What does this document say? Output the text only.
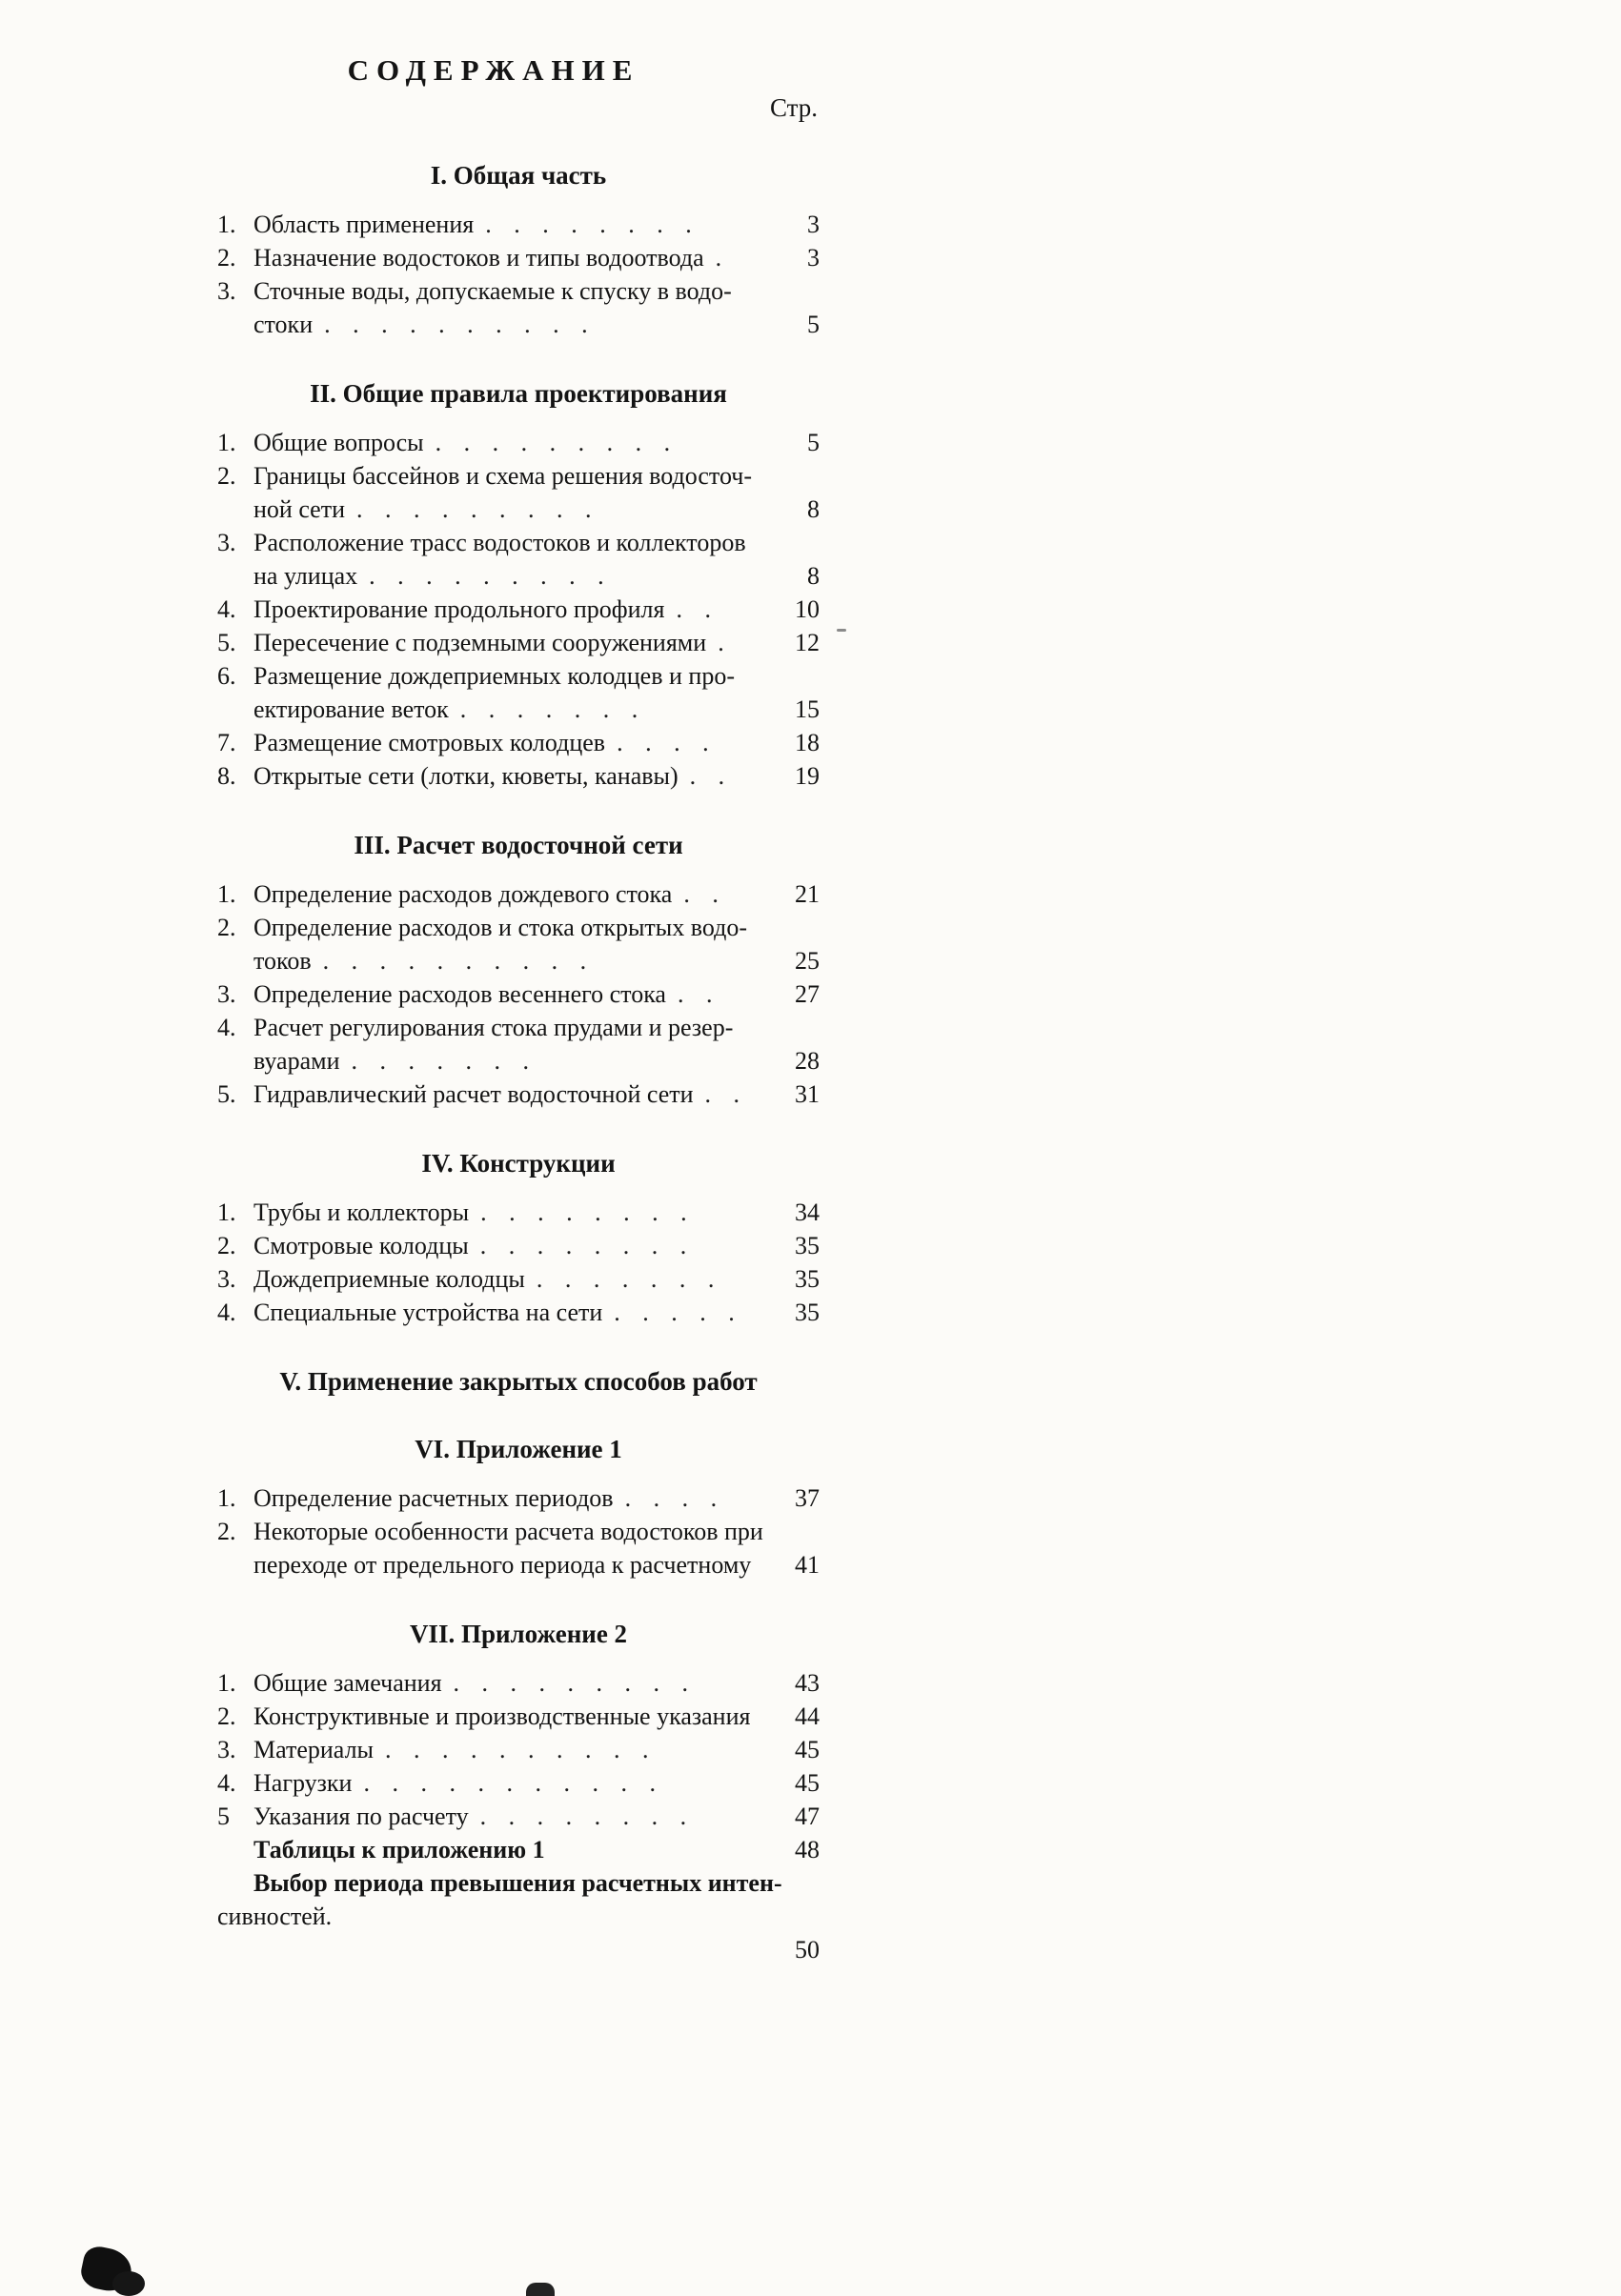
СОДЕРЖАНИЕ
Стр.
I. Общая часть
1. Область применения . . . . . . . .	3
2. Назначение водостоков и типы водоотвода .	3
3. Сточные воды, допускаемые к спуску в водо-
стоки . . . . . . . . . .	5
II. Общие правила проектирования
1. Общие вопросы . . . . . . . . .	5
2. Границы бассейнов и схема решения водосточ-
ной сети . . . . . . . . .	8
3. Расположение трасс водостоков и коллекторов
на улицах . . . . . . . . .	8
4. Проектирование продольного профиля . .	10
5. Пересечение с подземными сооружениями .	12
6. Размещение дождеприемных колодцев и про-
ектирование веток . . . . . . .	15
7. Размещение смотровых колодцев . . . .	18
8. Открытые сети (лотки, кюветы, канавы) . .	19
III. Расчет водосточной сети
1. Определение расходов дождевого стока . .	21
2. Определение расходов и стока открытых водо-
токов . . . . . . . . . .	25
3. Определение расходов весеннего стока . .	27
4. Расчет регулирования стока прудами и резер-
вуарами . . . . . . .	28
5. Гидравлический расчет водосточной сети . .	31
IV. Конструкции
1. Трубы и коллекторы . . . . . . . .	34
2. Смотровые колодцы . . . . . . . .	35
3. Дождеприемные колодцы . . . . . . .	35
4. Специальные устройства на сети . . . . .	35
V. Применение закрытых способов работ
VI. Приложение 1
1. Определение расчетных периодов . . . .	37
2. Некоторые особенности расчета водостоков при
переходе от предельного периода к расчетному	41
VII. Приложение 2
1. Общие замечания . . . . . . . . .	43
2. Конструктивные и производственные указания	44
3. Материалы . . . . . . . . . .	45
4. Нагрузки . . . . . . . . . . .	45
5 Указания по расчету . . . . . . . .	47
Таблицы к приложению 1	48
Выбор периода превышения расчетных интен-
сивностей.
50
